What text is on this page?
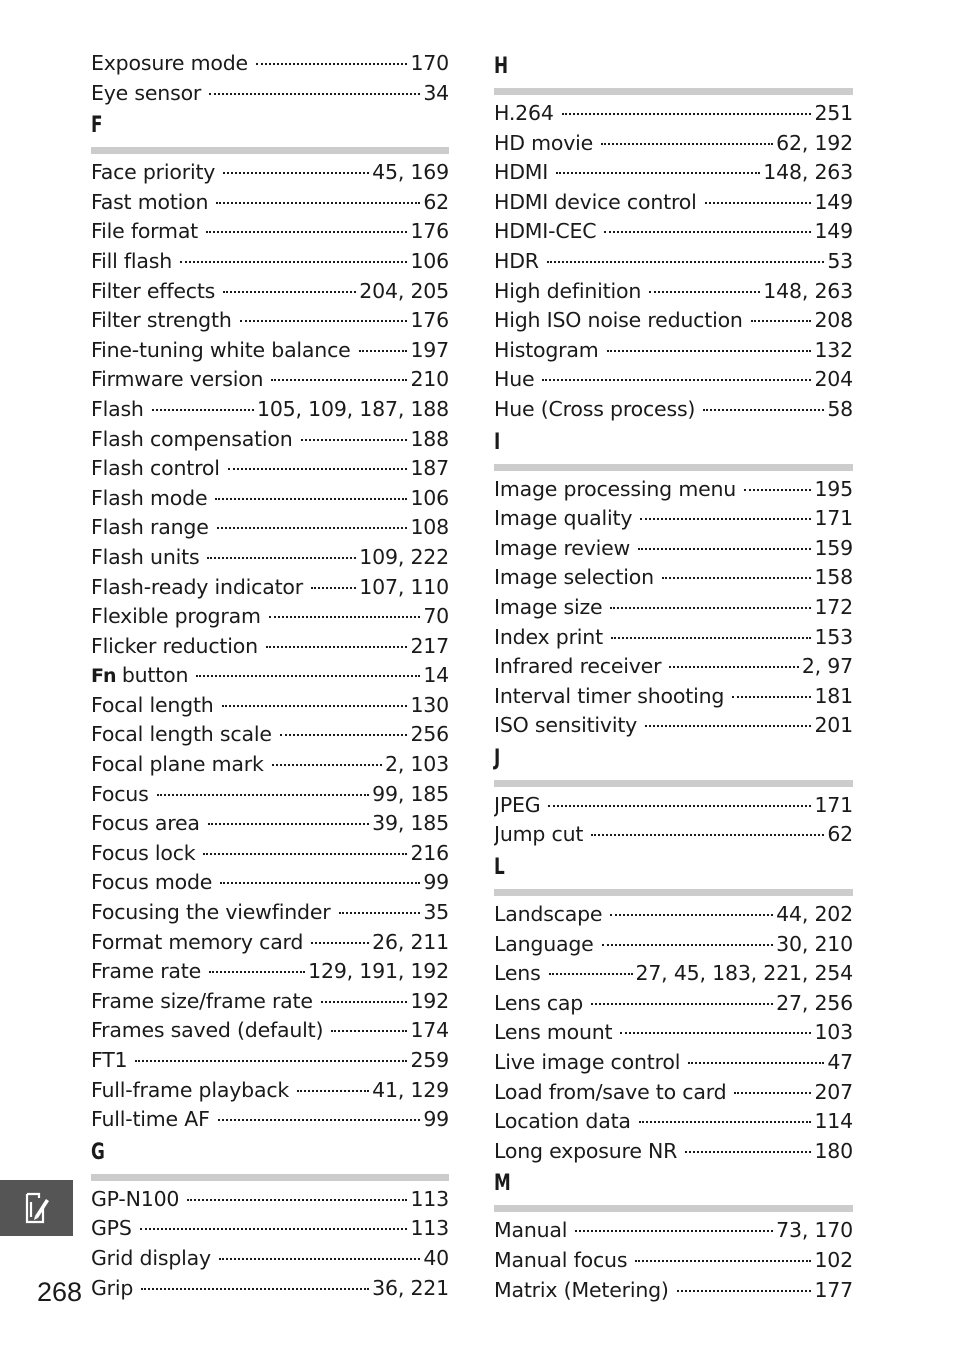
Exposure mode	170
Eye sensor	34
F
Face priority	45, 169
Fast motion	62
File format	176
Fill flash	106
Filter effects	204, 205
Filter strength	176
Fine-tuning white balance	197
Firmware version	210
Flash	105, 109, 187, 188
Flash compensation	188
Flash control	187
Flash mode	106
Flash range	108
Flash units	109, 222
Flash-ready indicator	107, 110
Flexible program	70
Flicker reduction	217
Fn button	14
Focal length	130
Focal length scale	256
Focal plane mark	2, 103
Focus	99, 185
Focus area	39, 185
Focus lock	216
Focus mode	99
Focusing the viewfinder	35
Format memory card	26, 211
Frame rate	129, 191, 192
Frame size/frame rate	192
Frames saved (default)	174
FT1	259
Full-frame playback	41, 129
Full-time AF	99
G
GP-N100	113
GPS	113
Grid display	40
Grip	36, 221
H
H.264	251
HD movie	62, 192
HDMI	148, 263
HDMI device control	149
HDMI-CEC	149
HDR	53
High definition	148, 263
High ISO noise reduction	208
Histogram	132
Hue	204
Hue (Cross process)	58
I
Image processing menu	195
Image quality	171
Image review	159
Image selection	158
Image size	172
Index print	153
Infrared receiver	2, 97
Interval timer shooting	181
ISO sensitivity	201
J
JPEG	171
Jump cut	62
L
Landscape	44, 202
Language	30, 210
Lens	27, 45, 183, 221, 254
Lens cap	27, 256
Lens mount	103
Live image control	47
Load from/save to card	207
Location data	114
Long exposure NR	180
M
Manual	73, 170
Manual focus	102
Matrix (Metering)	177
268
